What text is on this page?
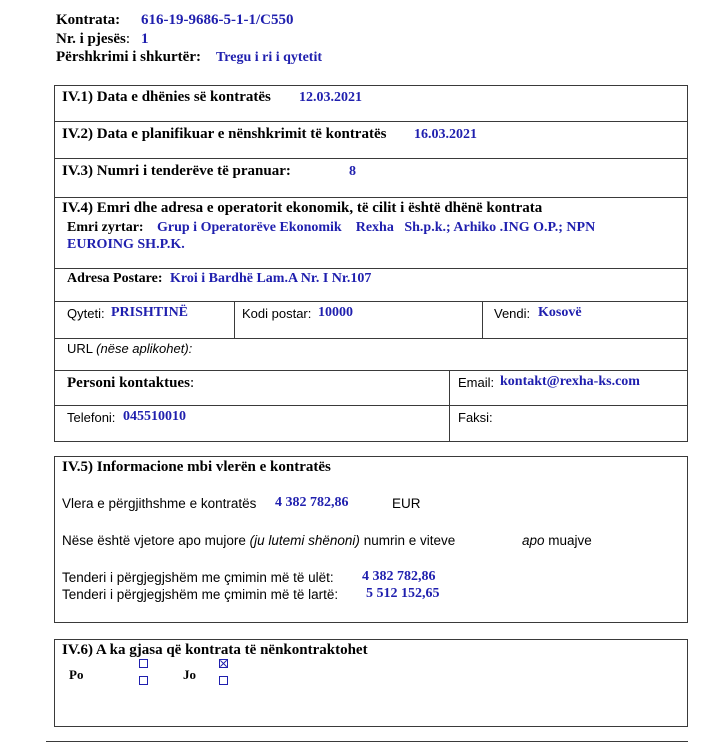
Kontrata: 616-19-9686-5-1-1/C550
Nr. i pjesës: 1
Përshkrimi i shkurtër: Tregu i ri i qytetit
IV.1) Data e dhënies së kontratës 12.03.2021
IV.2) Data e planifikuar e nënshkrimit të kontratës 16.03.2021
IV.3) Numri i tenderëve të pranuar:	8
IV.4) Emri dhe adresa e operatorit ekonomik, të cilit i është dhënë kontrata
Emri zyrtar: Grup i Operatorëve Ekonomik    Rexha   Sh.p.k.; Arhiko .ING O.P.; NPN
EUROING SH.P.K.
Adresa Postare: Kroi i Bardhë Lam.A Nr. I Nr.107
Qyteti: PRISHTINË	Kodi postar: 10000	Vendi: Kosovë
URL (nëse aplikohet):
Personi kontaktues:	Email: kontakt@rexha-ks.com
Telefoni: 045510010	Faksi:
IV.5) Informacione mbi vlerën e kontratës
Vlera e përgjithshme e kontratës 4 382 782,86	EUR
Nëse është vjetore apo mujore (ju lutemi shënoni) numrin e viteve	apo muajve
Tenderi i përgjegjshëm me çmimin më të ulët: 4 382 782,86
Tenderi i përgjegjshëm me çmimin më të lartë: 5 512 152,65
IV.6) A ka gjasa që kontrata të nënkontraktohet
Po	Jo
